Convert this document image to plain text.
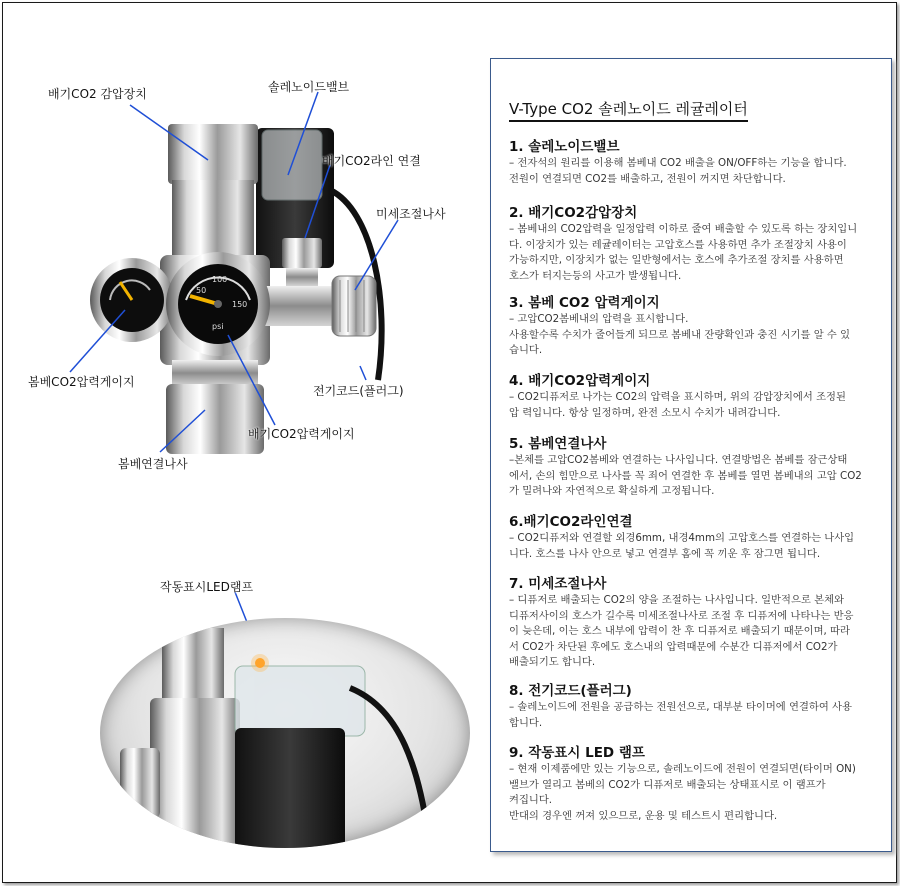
배기CO2 감압장치	솔레노이드밸브
배기CO2라인 연결
미세조절나사
봄베CO2압력게이지
전기코드(플러그)
배기CO2압력게이지
봄베연결나사
작동표시LED램프
50
100
150
psi
V-Type CO2 솔레노이드 레귤레이터
1. 솔레노이드밸브

– 전자석의 원리를 이용해 봄베내 CO2 배출을 ON/OFF하는 기능을 합니다.

전원이 연결되면 CO2를 배출하고, 전원이 꺼지면 차단합니다.

2. 배기CO2감압장치

– 봄베내의 CO2압력을 일정압력 이하로 줄여 배출할 수 있도록 하는 장치입니

다. 이장치가 있는 레귤레이터는 고압호스를 사용하면 추가 조절장치 사용이

가능하지만, 이장치가 없는 일반형에서는 호스에 추가조절 장치를 사용하면

호스가 터지는등의 사고가 발생됩니다.

3. 봄베 CO2 압력게이지

– 고압CO2봄베내의 압력을 표시합니다.

사용할수록 수치가 줄어들게 되므로 봄베내 잔량확인과 충진 시기를 알 수 있

습니다.

4. 배기CO2압력게이지

– CO2디퓨저로 나가는 CO2의 압력을 표시하며, 위의 감압장치에서 조정된

압 력입니다. 항상 일정하며, 완전 소모시 수치가 내려갑니다.

5. 봄베연결나사

–본체를 고압CO2봄베와 연결하는 나사입니다. 연결방법은 봄베를 잠근상태

에서, 손의 힘만으로 나사를 꼭 죄어 연결한 후 봄베를 열면 봄베내의 고압 CO2

가 밀려나와 자연적으로 확실하게 고정됩니다.

6.배기CO2라인연결

– CO2디퓨저와 연결할 외경6mm, 내경4mm의 고압호스를 연결하는 나사입

니다. 호스를 나사 안으로 넣고 연결부 홈에 꼭 끼운 후 잠그면 됩니다.

7. 미세조절나사

– 디퓨저로 배출되는 CO2의 양을 조절하는 나사입니다. 일반적으로 본체와

디퓨저사이의 호스가 길수록 미세조절나사로 조절 후 디퓨저에 나타나는 반응

이 늦은데, 이는 호스 내부에 압력이 찬 후 디퓨저로 배출되기 때문이며, 따라

서 CO2가 차단된 후에도 호스내의 압력때문에 수분간 디퓨저에서 CO2가

배출되기도 합니다.

8. 전기코드(플러그)

– 솔레노이드에 전원을 공급하는 전원선으로, 대부분 타이머에 연결하여 사용

합니다.

9. 작동표시 LED 램프

– 현재 이제품에만 있는 기능으로, 솔레노이드에 전원이 연결되면(타이머 ON)

밸브가 열리고 봄베의 CO2가 디퓨저로 배출되는 상태표시로 이 램프가

켜집니다.

반대의 경우엔 꺼져 있으므로, 운용 및 테스트시 편리합니다.
